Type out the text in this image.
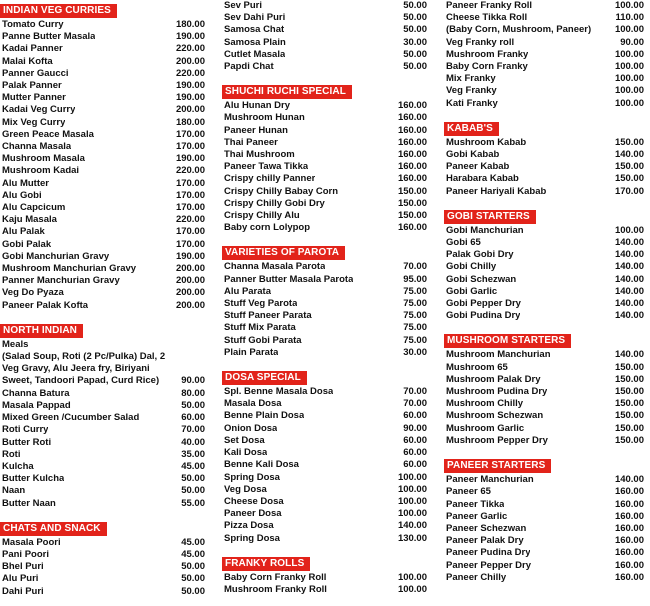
INDIAN VEG CURRIES
Tomato Curry	180.00
Panne Butter Masala	190.00
Kadai Panner	220.00
Malai Kofta	200.00
Panner Gaucci	220.00
Palak Panner	190.00
Mutter Panner	190.00
Kadai Veg Curry	200.00
Mix Veg Curry	180.00
Green Peace Masala	170.00
Channa Masala	170.00
Mushroom Masala	190.00
Mushroom Kadai	220.00
Alu Mutter	170.00
Alu Gobi	170.00
Alu Capcicum	170.00
Kaju Masala	220.00
Alu Palak	170.00
Gobi Palak	170.00
Gobi Manchurian Gravy	190.00
Mushroom Manchurian Gravy	200.00
Panner Manchurian Gravy	200.00
Veg Do Pyaza	200.00
Paneer Palak Kofta	200.00
NORTH INDIAN
Meals
(Salad Soup, Roti (2 Pc/Pulka) Dal, 2 Veg Gravy, Alu Jeera fry, Biriyani Sweet, Tandoori Papad, Curd Rice)	90.00
Channa Batura	80.00
Masala Pappad	50.00
Mixed Green /Cucumber Salad	60.00
Roti Curry	70.00
Butter Roti	40.00
Roti	35.00
Kulcha	45.00
Butter Kulcha	50.00
Naan	50.00
Butter Naan	55.00
CHATS AND SNACK
Masala Poori	45.00
Pani Poori	45.00
Bhel Puri	50.00
Alu Puri	50.00
Dahi Puri	50.00
Sev Puri	50.00
Sev Dahi Puri	50.00
Samosa Chat	50.00
Samosa Plain	30.00
Cutlet Masala	50.00
Papdi Chat	50.00
SHUCHI RUCHI SPECIAL
Alu Hunan Dry	160.00
Mushroom Hunan	160.00
Paneer Hunan	160.00
Thai Paneer	160.00
Thai Mushroom	160.00
Paneer Tawa Tikka	160.00
Crispy chilly Panner	160.00
Crispy Chilly Babay Corn	150.00
Crispy Chilly Gobi Dry	150.00
Crispy Chilly Alu	150.00
Baby corn Lolypop	160.00
VARIETIES OF PAROTA
Channa Masala Parota	70.00
Panner Butter Masala Parota	95.00
Alu Parata	75.00
Stuff Veg Parota	75.00
Stuff Paneer Parata	75.00
Stuff Mix Parata	75.00
Stuff Gobi Parata	75.00
Plain Parata	30.00
DOSA SPECIAL
Spl. Benne Masala Dosa	70.00
Masala Dosa	70.00
Benne Plain Dosa	60.00
Onion Dosa	90.00
Set Dosa	60.00
Kali Dosa	60.00
Benne Kali Dosa	60.00
Spring Dosa	100.00
Veg Dosa	100.00
Cheese Dosa	100.00
Paneer Dosa	100.00
Pizza Dosa	140.00
Spring Dosa	130.00
FRANKY ROLLS
Baby Corn Franky Roll	100.00
Mushroom Franky Roll	100.00
Paneer Franky Roll	100.00
Cheese Tikka Roll	110.00
(Baby Corn, Mushroom, Paneer)	100.00
Veg Franky roll	90.00
Mushroom Franky	100.00
Baby Corn Franky	100.00
Mix Franky	100.00
Veg Franky	100.00
Kati Franky	100.00
KABAB'S
Mushroom Kabab	150.00
Gobi Kabab	140.00
Paneer Kabab	150.00
Harabara Kabab	150.00
Paneer Hariyali Kabab	170.00
GOBI STARTERS
Gobi Manchurian	100.00
Gobi 65	140.00
Palak Gobi Dry	140.00
Gobi Chilly	140.00
Gobi Schezwan	140.00
Gobi Garlic	140.00
Gobi Pepper Dry	140.00
Gobi Pudina Dry	140.00
MUSHROOM STARTERS
Mushroom Manchurian	140.00
Mushroom 65	150.00
Mushroom Palak Dry	150.00
Mushroom Pudina Dry	150.00
Mushroom Chilly	150.00
Mushroom Schezwan	150.00
Mushroom Garlic	150.00
Mushroom Pepper Dry	150.00
PANEER STARTERS
Paneer Manchurian	140.00
Paneer 65	160.00
Paneer Tikka	160.00
Paneer Garlic	160.00
Paneer Schezwan	160.00
Paneer Palak Dry	160.00
Paneer Pudina Dry	160.00
Paneer Pepper Dry	160.00
Paneer Chilly	160.00
